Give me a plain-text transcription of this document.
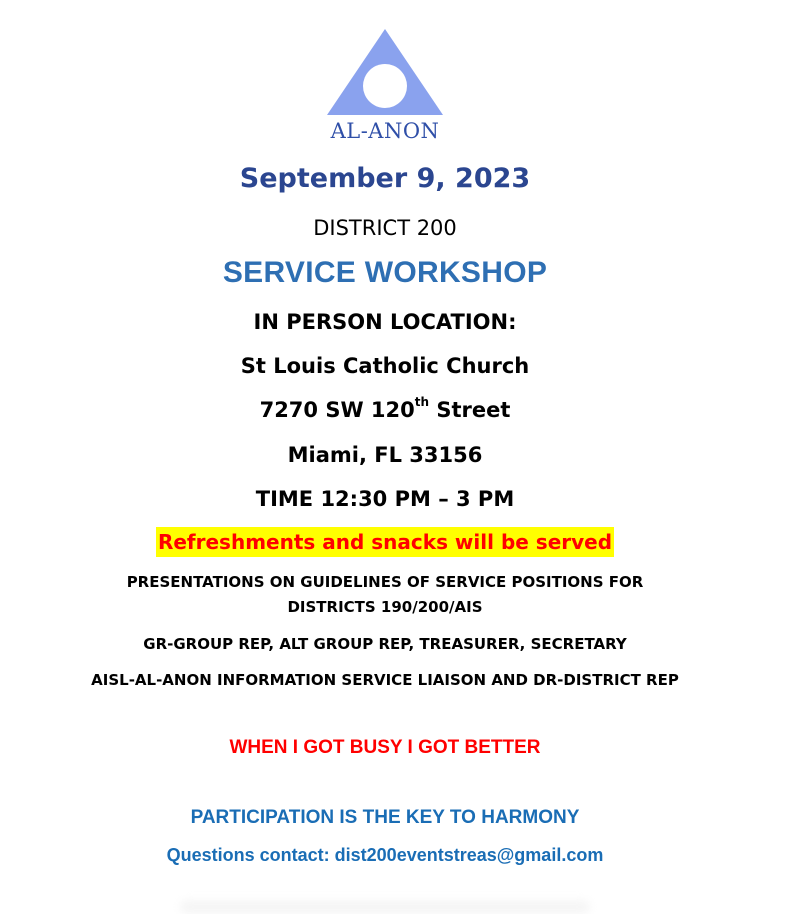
AL-ANON
September 9, 2023
DISTRICT 200
SERVICE WORKSHOP
IN PERSON LOCATION:
St Louis Catholic Church
7270 SW 120th Street
Miami, FL 33156
TIME 12:30 PM – 3 PM
Refreshments and snacks will be served
PRESENTATIONS ON GUIDELINES OF SERVICE POSITIONS FOR
DISTRICTS 190/200/AIS
GR-GROUP REP, ALT GROUP REP, TREASURER, SECRETARY
AISL-AL-ANON INFORMATION SERVICE LIAISON AND DR-DISTRICT REP
WHEN I GOT BUSY I GOT BETTER
PARTICIPATION IS THE KEY TO HARMONY
Questions contact: dist200eventstreas@gmail.com
